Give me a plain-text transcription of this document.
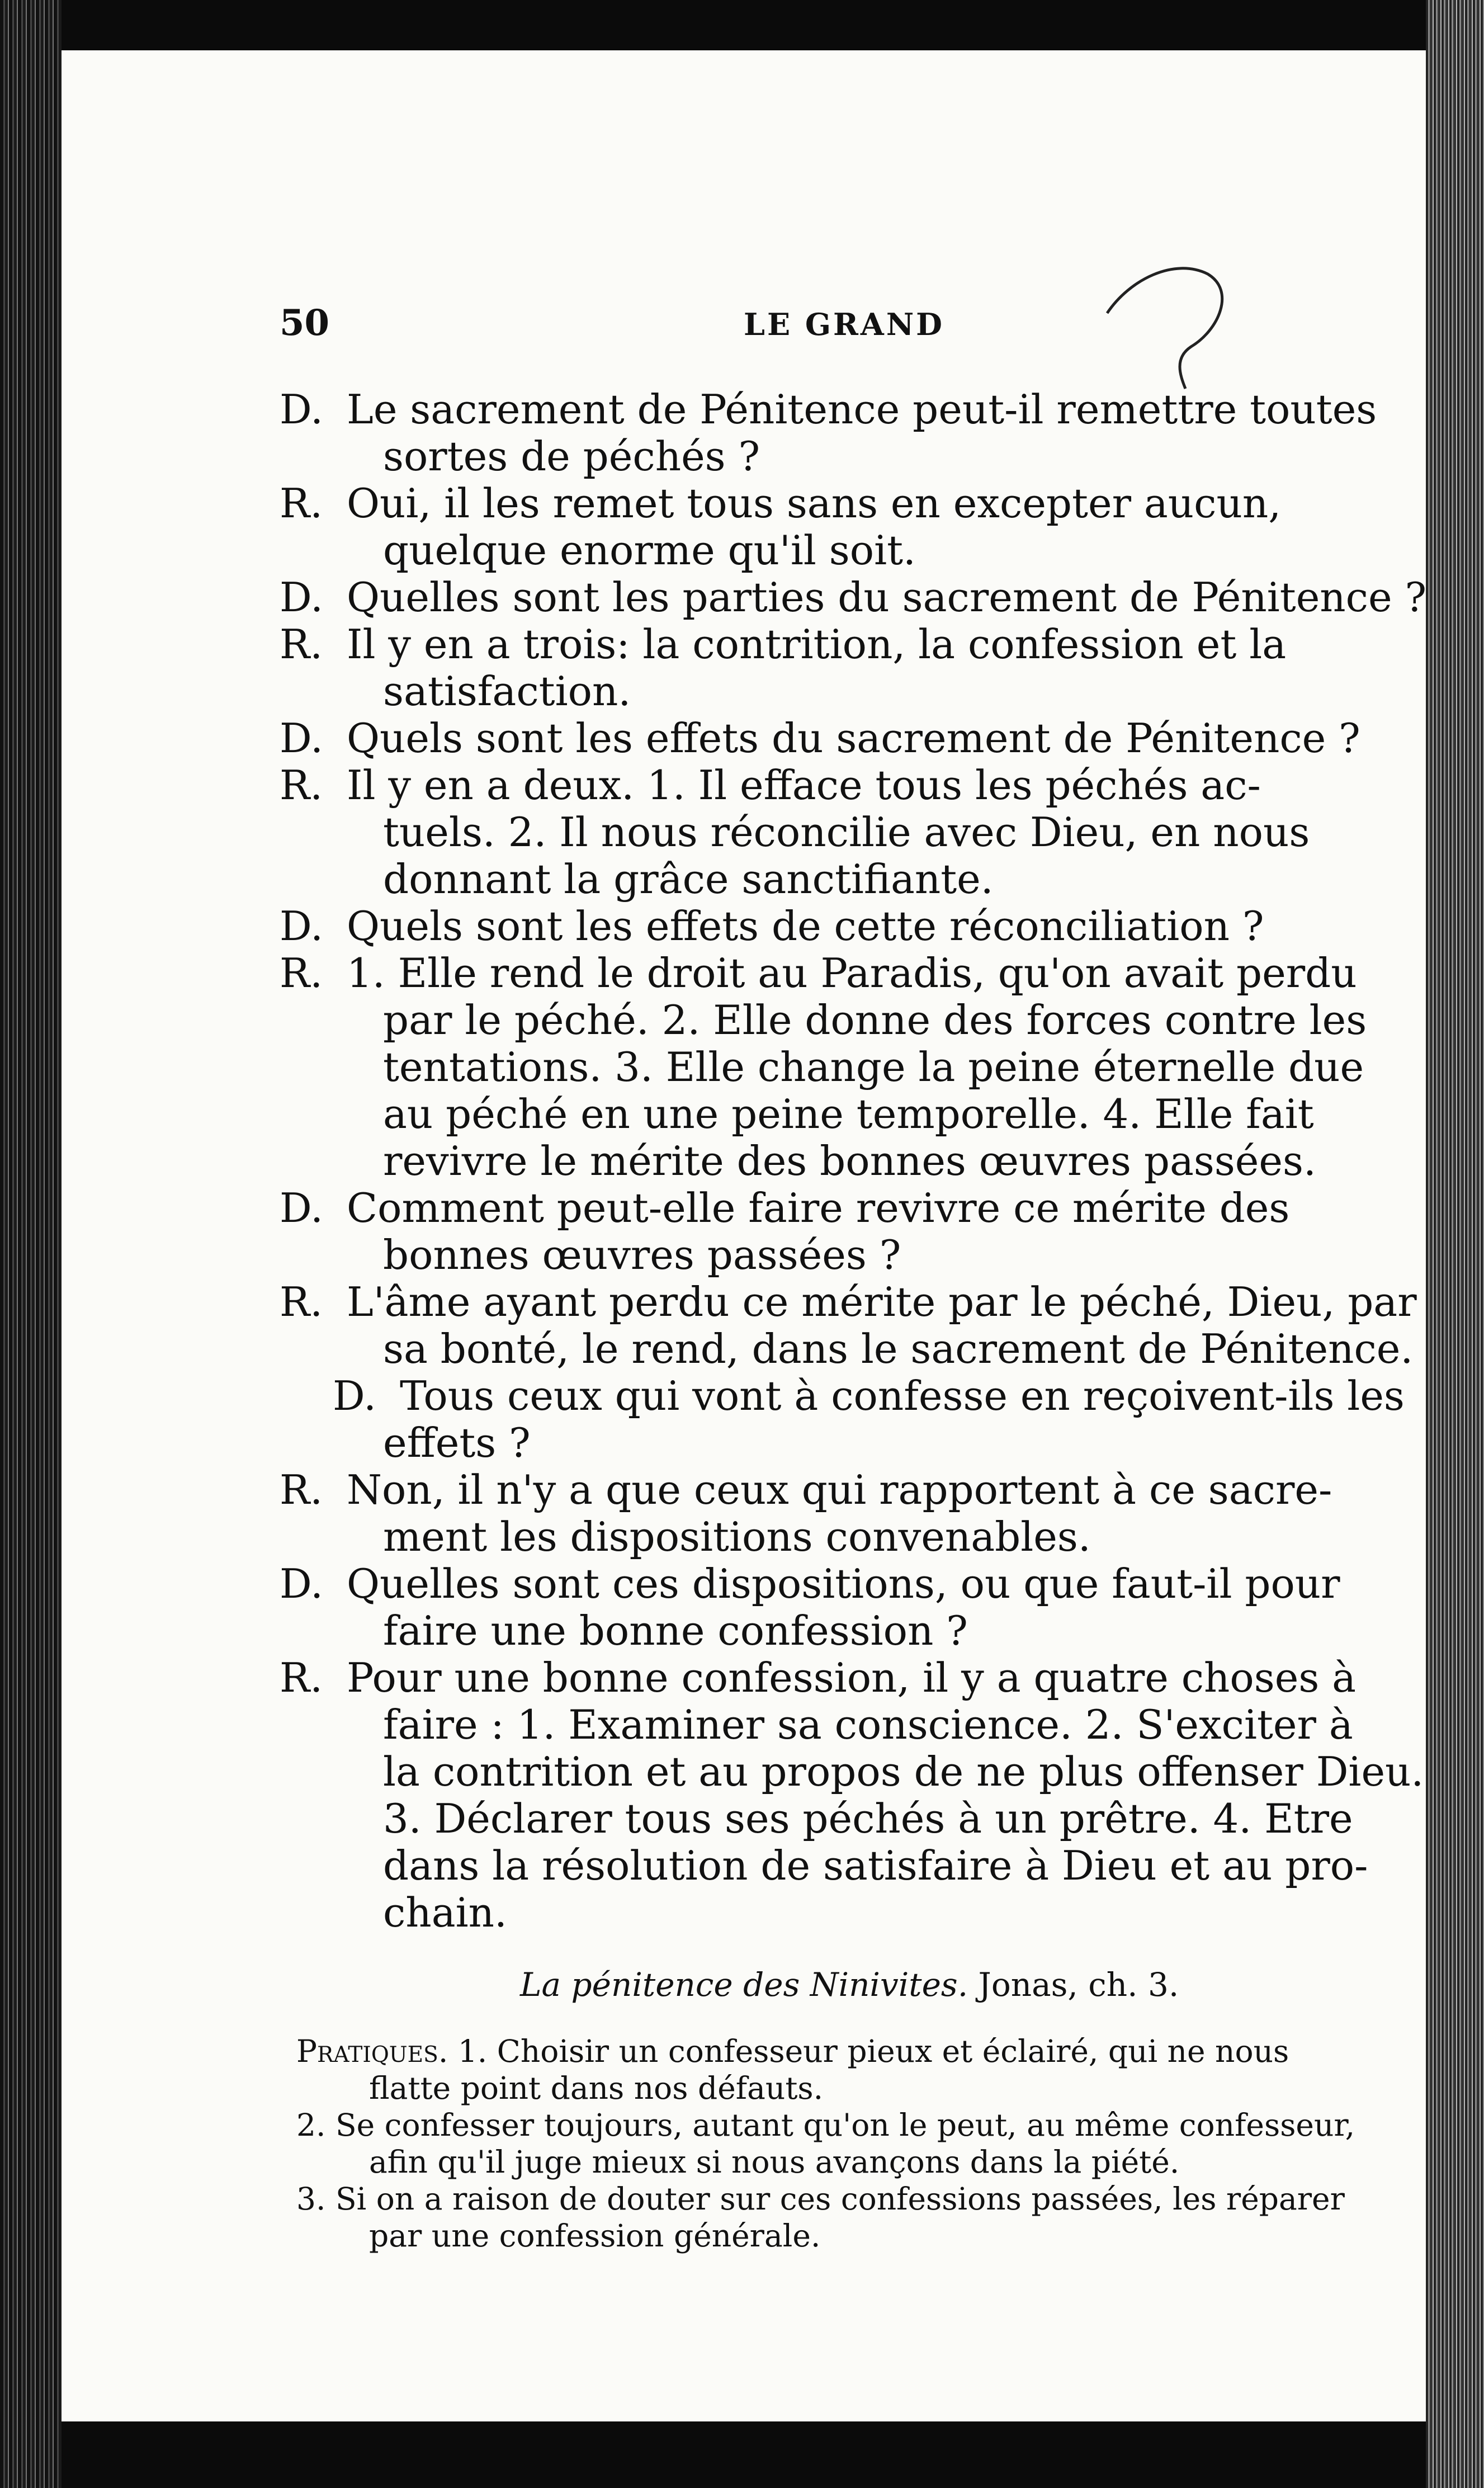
50	LE GRAND
D. Le sacrement de Pénitence peut-il remettre toutes
sortes de péchés ?
R. Oui, il les remet tous sans en excepter aucun,
quelque enorme qu'il soit.
D. Quelles sont les parties du sacrement de Pénitence ?
R. Il y en a trois: la contrition, la confession et la
satisfaction.
D. Quels sont les effets du sacrement de Pénitence ?
R. Il y en a deux. 1. Il efface tous les péchés ac-
tuels. 2. Il nous réconcilie avec Dieu, en nous
donnant la grâce sanctifiante.
D. Quels sont les effets de cette réconciliation ?
R. 1. Elle rend le droit au Paradis, qu'on avait perdu
par le péché. 2. Elle donne des forces contre les
tentations. 3. Elle change la peine éternelle due
au péché en une peine temporelle. 4. Elle fait
revivre le mérite des bonnes œuvres passées.
D. Comment peut-elle faire revivre ce mérite des
bonnes œuvres passées ?
R. L'âme ayant perdu ce mérite par le péché, Dieu, par
sa bonté, le rend, dans le sacrement de Pénitence.
D. Tous ceux qui vont à confesse en reçoivent-ils les
effets ?
R. Non, il n'y a que ceux qui rapportent à ce sacre-
ment les dispositions convenables.
D. Quelles sont ces dispositions, ou que faut-il pour
faire une bonne confession ?
R. Pour une bonne confession, il y a quatre choses à
faire : 1. Examiner sa conscience. 2. S'exciter à
la contrition et au propos de ne plus offenser Dieu.
3. Déclarer tous ses péchés à un prêtre. 4. Etre
dans la résolution de satisfaire à Dieu et au pro-
chain.
La pénitence des Ninivites. Jonas, ch. 3.
Pratiques. 1. Choisir un confesseur pieux et éclairé, qui ne nous
flatte point dans nos défauts.
2. Se confesser toujours, autant qu'on le peut, au même confesseur,
afin qu'il juge mieux si nous avançons dans la piété.
3. Si on a raison de douter sur ces confessions passées, les réparer
par une confession générale.
